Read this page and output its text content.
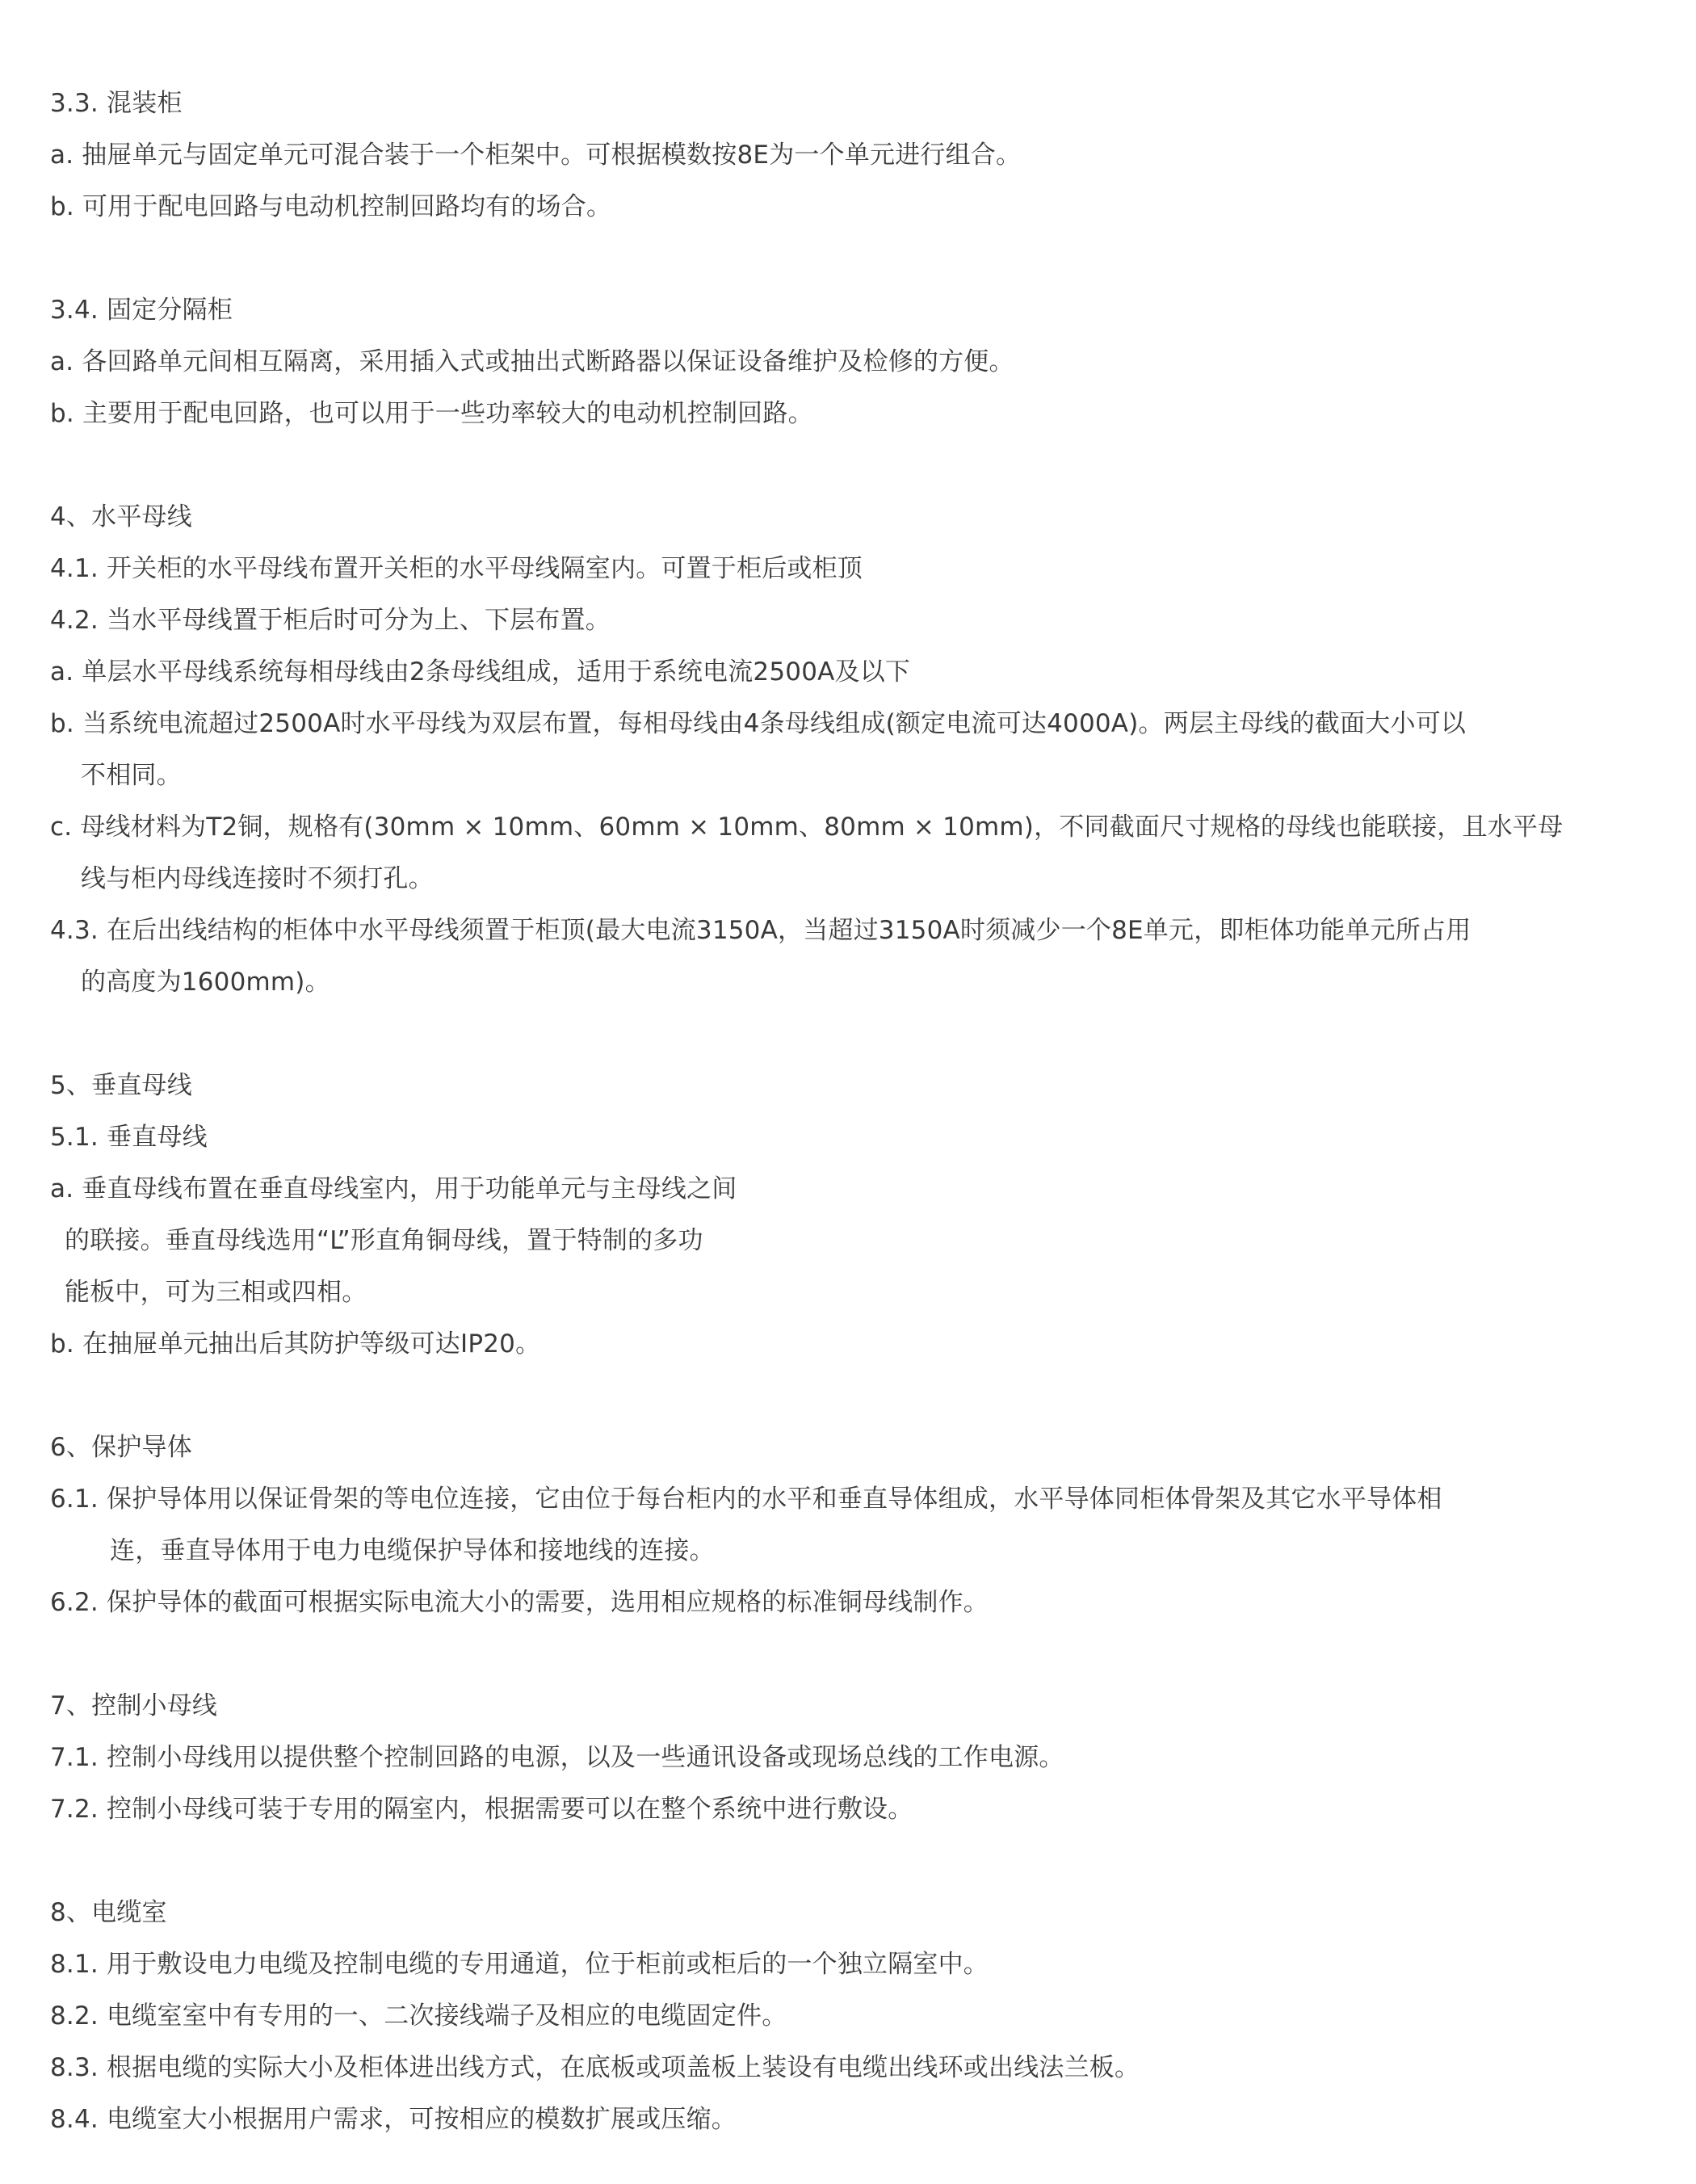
3.3. 混装柜
a. 抽屉单元与固定单元可混合装于一个柜架中。可根据模数按8E为一个单元进行组合。
b. 可用于配电回路与电动机控制回路均有的场合。
3.4. 固定分隔柜
a. 各回路单元间相互隔离，采用插入式或抽出式断路器以保证设备维护及检修的方便。
b. 主要用于配电回路，也可以用于一些功率较大的电动机控制回路。
4、水平母线
4.1. 开关柜的水平母线布置开关柜的水平母线隔室内。可置于柜后或柜顶
4.2. 当水平母线置于柜后时可分为上、下层布置。
a. 单层水平母线系统每相母线由2条母线组成，适用于系统电流2500A及以下
b. 当系统电流超过2500A时水平母线为双层布置，每相母线由4条母线组成(额定电流可达4000A)。两层主母线的截面大小可以
不相同。
c. 母线材料为T2铜，规格有(30mm × 10mm、60mm × 10mm、80mm × 10mm)，不同截面尺寸规格的母线也能联接，且水平母
线与柜内母线连接时不须打孔。
4.3. 在后出线结构的柜体中水平母线须置于柜顶(最大电流3150A，当超过3150A时须减少一个8E单元，即柜体功能单元所占用
的高度为1600mm)。
5、垂直母线
5.1. 垂直母线
a. 垂直母线布置在垂直母线室内，用于功能单元与主母线之间
的联接。垂直母线选用“L”形直角铜母线，置于特制的多功
能板中，可为三相或四相。
b. 在抽屉单元抽出后其防护等级可达IP20。
6、保护导体
6.1. 保护导体用以保证骨架的等电位连接，它由位于每台柜内的水平和垂直导体组成，水平导体同柜体骨架及其它水平导体相
连，垂直导体用于电力电缆保护导体和接地线的连接。
6.2. 保护导体的截面可根据实际电流大小的需要，选用相应规格的标准铜母线制作。
7、控制小母线
7.1. 控制小母线用以提供整个控制回路的电源，以及一些通讯设备或现场总线的工作电源。
7.2. 控制小母线可装于专用的隔室内，根据需要可以在整个系统中进行敷设。
8、电缆室
8.1. 用于敷设电力电缆及控制电缆的专用通道，位于柜前或柜后的一个独立隔室中。
8.2. 电缆室室中有专用的一、二次接线端子及相应的电缆固定件。
8.3. 根据电缆的实际大小及柜体进出线方式，在底板或项盖板上装设有电缆出线环或出线法兰板。
8.4. 电缆室大小根据用户需求，可按相应的模数扩展或压缩。
